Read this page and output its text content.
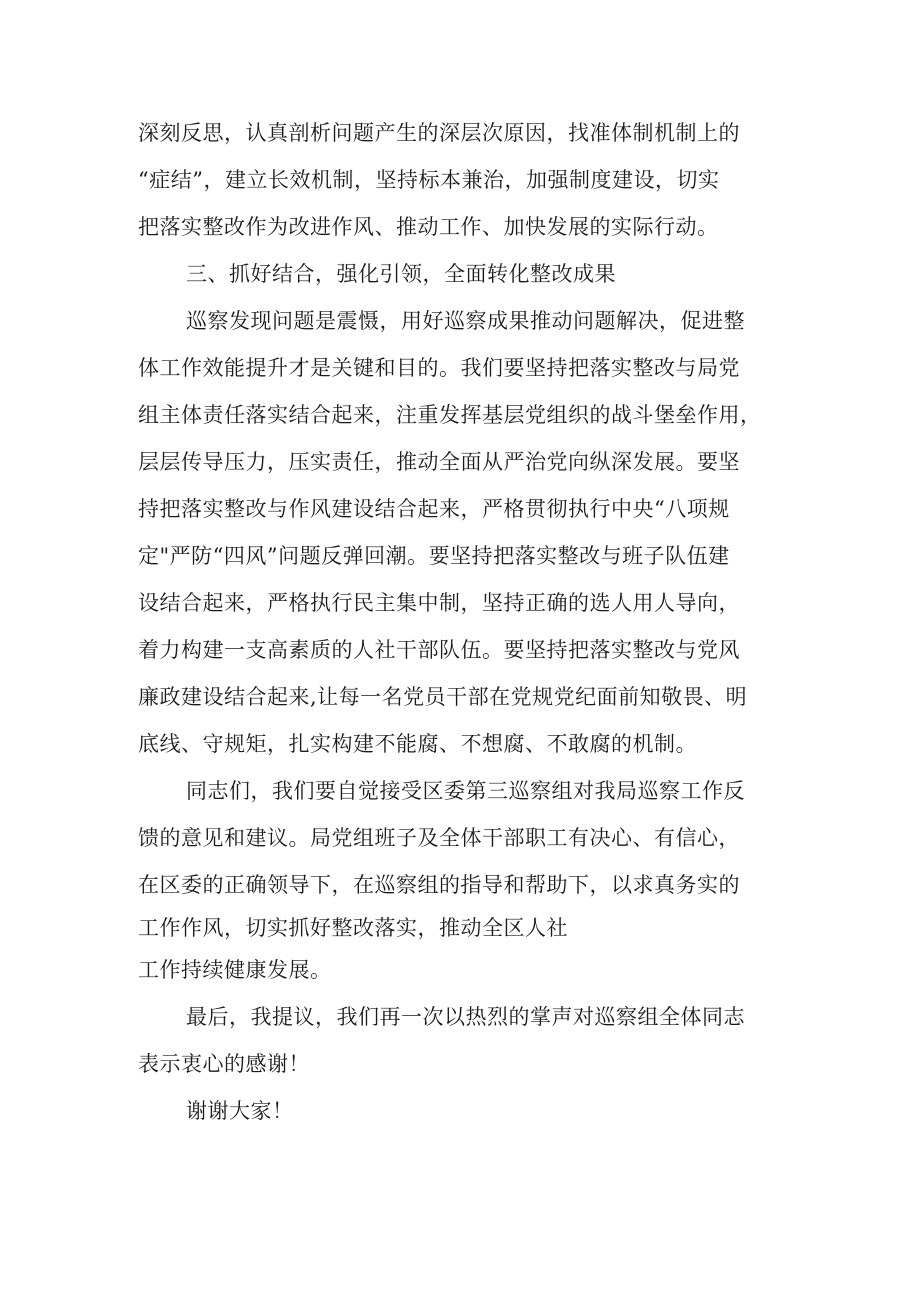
深刻反思，认真剖析问题产生的深层次原因，找准体制机制上的
“症结”，建立长效机制，坚持标本兼治，加强制度建设，切实
把落实整改作为改进作风、推动工作、加快发展的实际行动。
三、抓好结合，强化引领，全面转化整改成果
巡察发现问题是震慑，用好巡察成果推动问题解决，促进整
体工作效能提升才是关键和目的。我们要坚持把落实整改与局党
组主体责任落实结合起来，注重发挥基层党组织的战斗堡垒作用，
层层传导压力，压实责任，推动全面从严治党向纵深发展。要坚
持把落实整改与作风建设结合起来，严格贯彻执行中央“八项规
定"严防“四风”问题反弹回潮。要坚持把落实整改与班子队伍建
设结合起来，严格执行民主集中制，坚持正确的选人用人导向，
着力构建一支高素质的人社干部队伍。要坚持把落实整改与党风
廉政建设结合起来,让每一名党员干部在党规党纪面前知敬畏、明
底线、守规矩，扎实构建不能腐、不想腐、不敢腐的机制。
同志们，我们要自觉接受区委第三巡察组对我局巡察工作反
馈的意见和建议。局党组班子及全体干部职工有决心、有信心，
在区委的正确领导下，在巡察组的指导和帮助下，以求真务实的
工作作风，切实抓好整改落实，推动全区人社
工作持续健康发展。
最后，我提议，我们再一次以热烈的掌声对巡察组全体同志
表示衷心的感谢！
谢谢大家！
